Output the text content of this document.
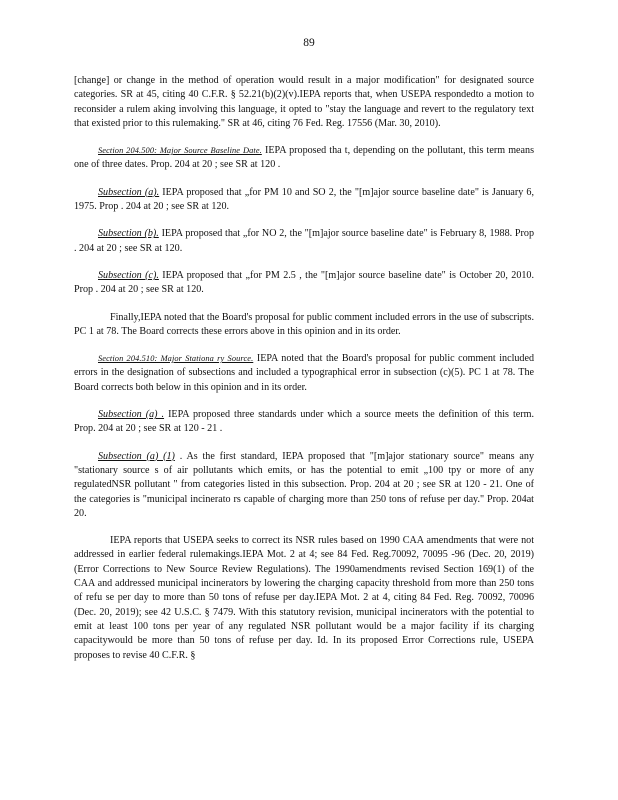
89

[change] or change in the method of operation would result in a major modification" for designated source categories. SR at 45, citing 40 C.F.R. § 52.21(b)(2)(v).IEPA reports that, when USEPA respondedto a motion to reconsider a rulem aking involving this language, it opted to "stay the language and revert to the regulatory text that existed prior to this rulemaking." SR at 46, citing 76 Fed. Reg. 17556 (Mar. 30, 2010).

Section 204.500: Major Source Baseline Date. IEPA proposed tha t, depending on the pollutant, this term means one of three dates. Prop. 204 at 20 ; see SR at 120 .

Subsection (a). IEPA proposed that „for PM 10 and SO 2, the "[m]ajor source baseline date" is January 6, 1975. Prop . 204 at 20 ; see SR at 120.

Subsection (b). IEPA proposed that „for NO 2, the "[m]ajor source baseline date" is February 8, 1988. Prop . 204 at 20 ; see SR at 120.

Subsection (c). IEPA proposed that „for PM 2.5 , the "[m]ajor source baseline date" is October 20, 2010. Prop . 204 at 20 ; see SR at 120.

Finally,IEPA noted that the Board's proposal for public comment included errors in the use of subscripts. PC 1 at 78. The Board corrects these errors above in this opinion and in its order.

Section 204.510: Major Stationa ry Source. IEPA noted that the Board's proposal for public comment included errors in the designation of subsections and included a typographical error in subsection (c)(5). PC 1 at 78. The Board corrects both below in this opinion and in its order.

Subsection (a) . IEPA proposed three standards under which a source meets the definition of this term. Prop. 204 at 20 ; see SR at 120 - 21 .

Subsection (a) (1) . As the first standard, IEPA proposed that "[m]ajor stationary source" means any "stationary source s of air pollutants which emits, or has the potential to emit „100 tpy or more of any regulatedNSR pollutant " from categories listed in this subsection. Prop. 204 at 20 ; see SR at 120 - 21. One of the categories is "municipal incinerato rs capable of charging more than 250 tons of refuse per day." Prop. 204at 20.

IEPA reports that USEPA seeks to correct its NSR rules based on 1990 CAA amendments that were not addressed in earlier federal rulemakings.IEPA Mot. 2 at 4; see 84 Fed. Reg.70092, 70095 -96 (Dec. 20, 2019) (Error Corrections to New Source Review Regulations). The 1990amendments revised Section 169(1) of the CAA and addressed municipal incinerators by lowering the charging capacity threshold from more than 250 tons of refu se per day to more than 50 tons of refuse per day.IEPA Mot. 2 at 4, citing 84 Fed. Reg. 70092, 70096 (Dec. 20, 2019); see 42 U.S.C. § 7479. With this statutory revision, municipal incinerators with the potential to emit at least 100 tons per year of any regulated NSR pollutant would be a major facility if its charging capacitywould be more than 50 tons of refuse per day. Id. In its proposed Error Corrections rule, USEPA proposes to revise 40 C.F.R. §
